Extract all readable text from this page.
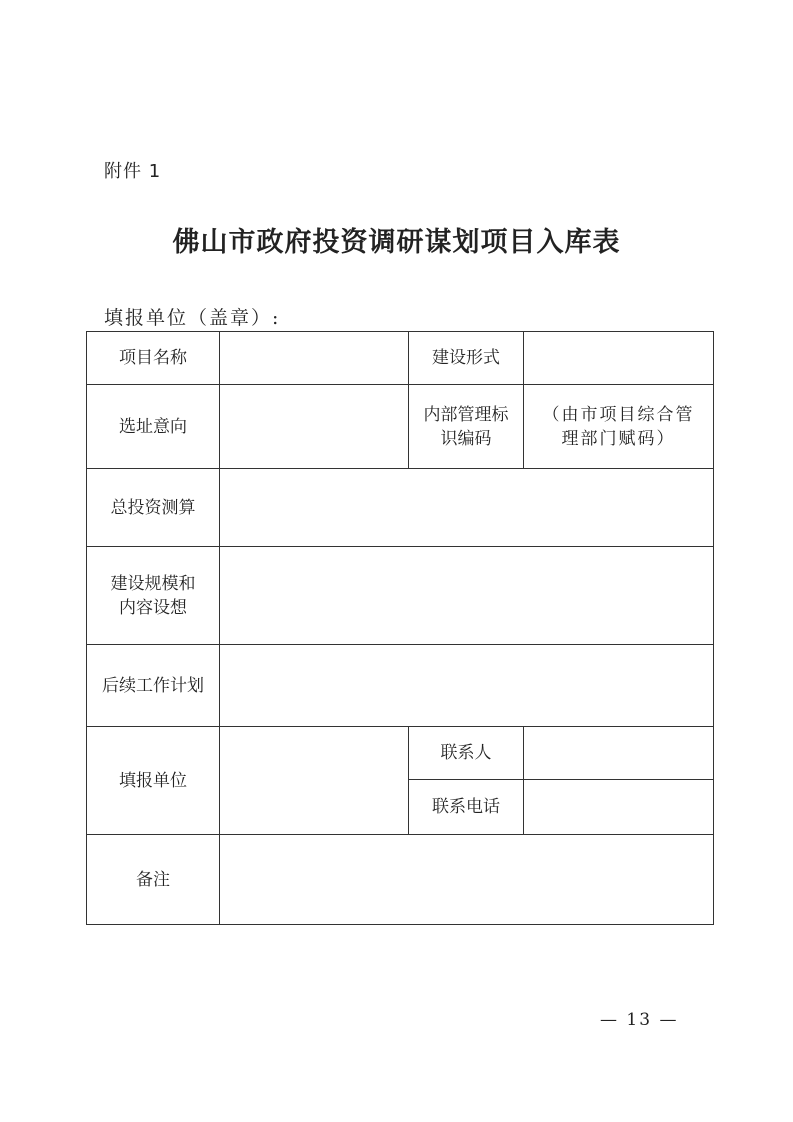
附件 1
佛山市政府投资调研谋划项目入库表
填报单位（盖章）:
项目名称		建设形式	
选址意向		内部管理标识编码	（由市项目综合管理部门赋码）
总投资测算			
建设规模和内容设想			
后续工作计划			
填报单位		联系人	
		联系电话	
备注			
— 13 —
